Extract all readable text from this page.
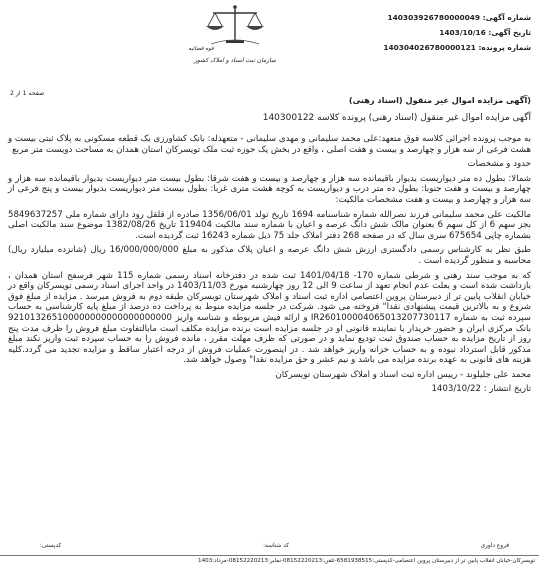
شماره آگهی: 140303926780000049
تاریخ آگهی: 1403/10/16
شماره پرونده: 140304026780000121
قوه قضائیه
سازمان ثبت اسناد و املاک کشور
صفحه 1 از 2
(آگهی مزایده اموال غیر منقول (اسناد رهنی)
آگهی مزایده اموال غیر منقول (اسناد رهنی) پرونده کلاسه 140300122

به موجب پرونده اجرائی کلاسه فوق متعهد:علی محمد سلیمانی و مهدی سلیمانی - متعهدله: بانک کشاورزی یک قطعه مسکونی به پلاک ثبتی بیست و هشت فرعی از سه هزار و چهارصد و بیست و هفت اصلی ، واقع در بخش یک حوزه ثبت ملک تویسرکان استان همدان به مساحت دویست متر مربع

حدود و مشخصات

شمالا: بطول ده متر دیواریست بدیوار باقیمانده سه هزار و چهارصد و بیست و هفت شرقا: بطول بیست متر دیواریست بدیوار باقیمانده سه هزار و چهارصد و بیست و هفت جنوبا: بطول ده متر درب و دیواریست به کوچه هشت متری غربا: بطول بیست متر دیواریست بدیوار بیست و پنج فرعی از سه هزار و چهارصد و بیست و هفت مشخصات مالکیت:

مالکیت علی محمد سلیمانی فرزند نصرالله شماره شناسنامه 1694 تاریخ تولد 1356/06/01 صادره از قلقل رود دارای شماره ملی 5849637257 بجز سهم 6 از کل سهم 6 بعنوان مالک شش دانگ عرصه و اعیان با شماره سند مالکیت 119404 تاریخ 1382/08/26 موضوع سند مالکیت اصلی بشماره چاپی 675654 سری سال که در صفحه 268 دفتر املاک جلد 75 ذیل شماره 16243 ثبت گردیده است.

طبق نظر به کارشناس رسمی دادگستری ارزش شش دانگ عرصه و اعیان پلاک مذکور به مبلغ 16/000/000/000 ریال (شانزده میلیارد ریال) محاسبه و منظور گردیده است .

که به موجب سند رهنی و شرطی شماره 170- 1401/04/18 ثبت شده در دفترخانه اسناد رسمی شماره 115 شهر فرسفج استان همدان ، بازداشت شده است و بعلت عدم انجام تعهد از ساعت 9 الی 12 روز چهارشنبه مورخ 1403/11/03 در واحد اجرای اسناد رسمی تویسرکان واقع در خیابان انقلاب پایین تر از دبیرستان پروین اعتصامی اداره ثبت اسناد و املاک شهرستان تویسرکان طبقه دوم به فروش میرسد . مزایده از مبلغ فوق شروع و به بالاترین قیمت پیشنهادی نقدا" فروخته می شود. شرکت در جلسه مزایده منوط به پرداخت ده درصد از مبلغ پایه کارشناسی به حساب سپرده ثبت به شماره IR260100004065013207730117 و ارائه فیش مربوطه و شناسه واریز 921013265100000000000000000000 بانک مرکزی ایران و حضور خریدار یا نماینده قانونی او در جلسه مزایده است برنده مزایده مکلف است مابالتفاوت مبلغ فروش را ظرف مدت پنج روز از تاریخ مزایده به حساب صندوق ثبت تودیع نماید و در صورتی که ظرف مهلت مقرر ، مانده فروش را به حساب سپرده ثبت واریز نکند مبلغ مذکور قابل استرداد نبوده و به حساب خزانه واریز خواهد شد . در اینصورت عملیات فروش از درجه اعتبار ساقط و مزایده تجدید می گردد.کلیه هزینه های قانونی به عهده برنده مزایده می باشد و نیم عشر و حق مزایده نقدا" وصول خواهد شد.

محمد علی جلیلوند - رییس اداره ثبت اسناد و املاک شهرستان تویسرکان

تاریخ انتشار : 1403/10/22

فروع داوری
کد شناسه:
کدپستی:
تویسرکان-خیابان انقلاب پایین تر از دبیرستان پروین اعتصامی-کدپستی:6581938515-تلفن:08152220213-نمابر:08152220213-مرداد:1403
